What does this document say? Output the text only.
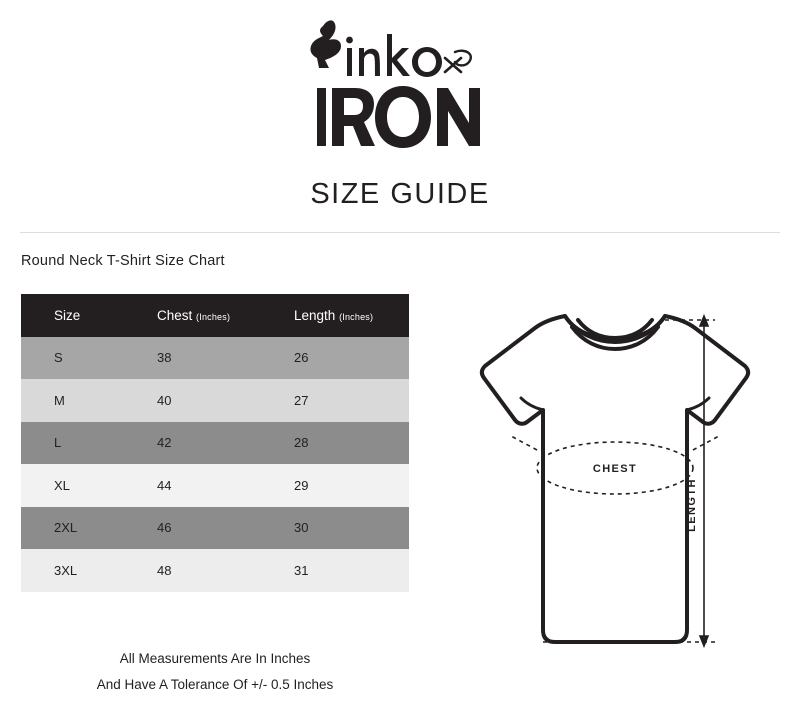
SIZE GUIDE
Round Neck T-Shirt Size Chart
Size	Chest (Inches)	Length (Inches)
S	38	26
M	40	27
L	42	28
XL	44	29
2XL	46	30
3XL	48	31
All Measurements Are In Inches
And Have A Tolerance Of +/- 0.5 Inches
CHEST
LENGTH
